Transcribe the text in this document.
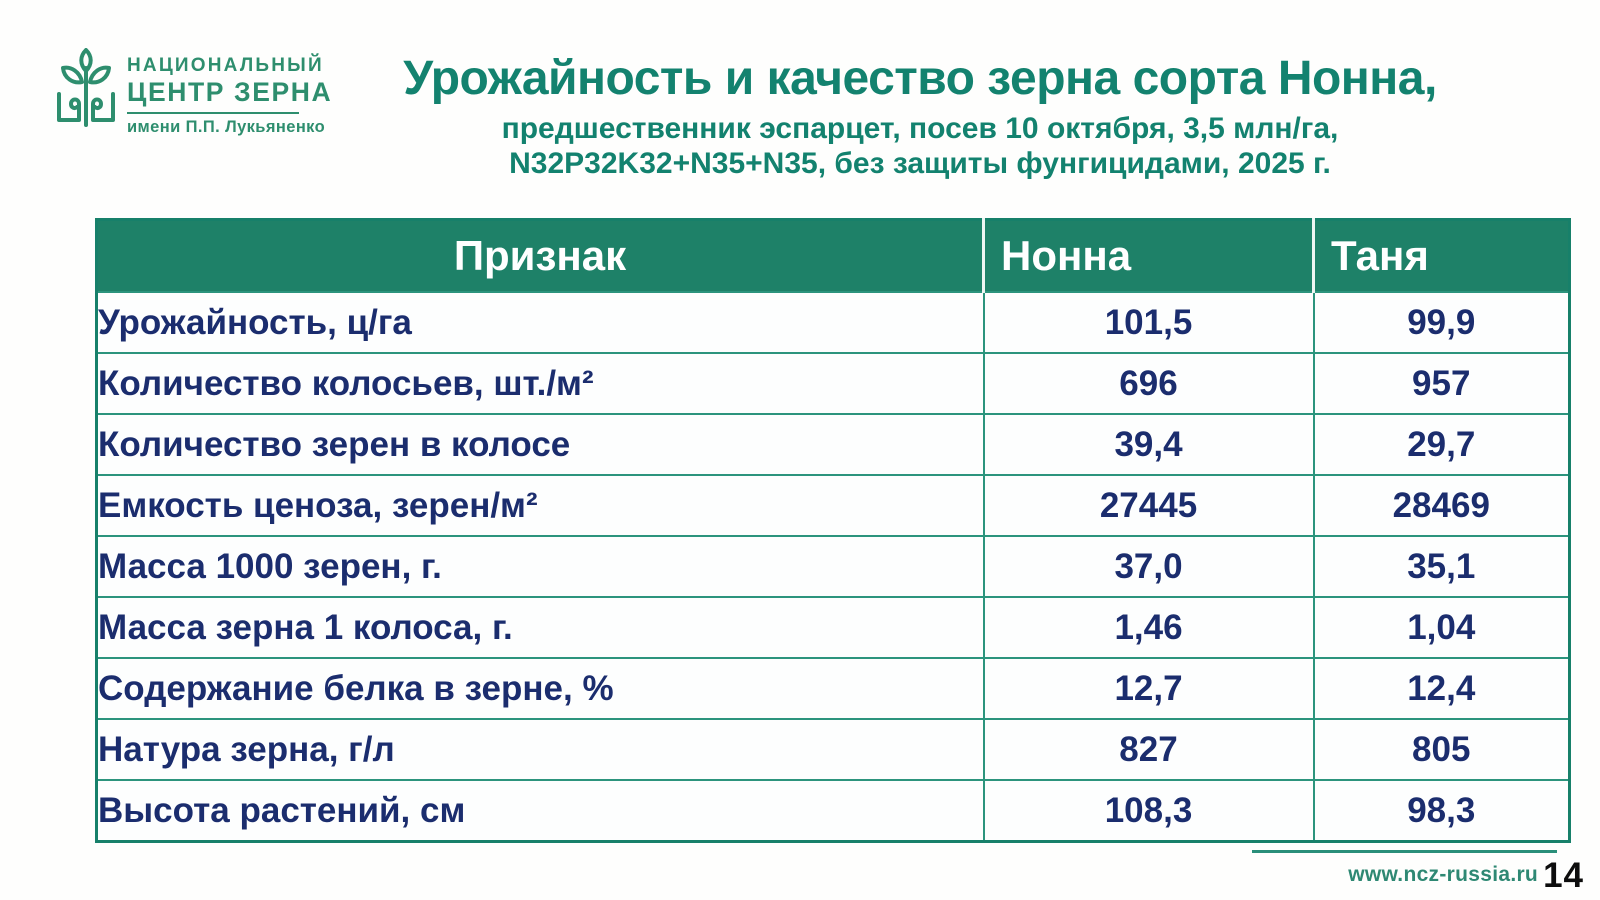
НАЦИОНАЛЬНЫЙ
ЦЕНТР ЗЕРНА
имени П.П. Лукьяненко
Урожайность и качество зерна сорта Нонна,
предшественник эспарцет, посев 10 октября, 3,5 млн/га,
N32P32K32+N35+N35, без защиты фунгицидами, 2025 г.
Признак	Нонна	Таня
Урожайность, ц/га	101,5	99,9
Количество колосьев, шт./м²	696	957
Количество зерен в колосе	39,4	29,7
Емкость ценоза, зерен/м²	27445	28469
Масса 1000 зерен, г.	37,0	35,1
Масса зерна 1 колоса, г.	1,46	1,04
Содержание белка в зерне, %	12,7	12,4
Натура зерна, г/л	827	805
Высота растений, см	108,3	98,3
www.ncz-russia.ru 14
